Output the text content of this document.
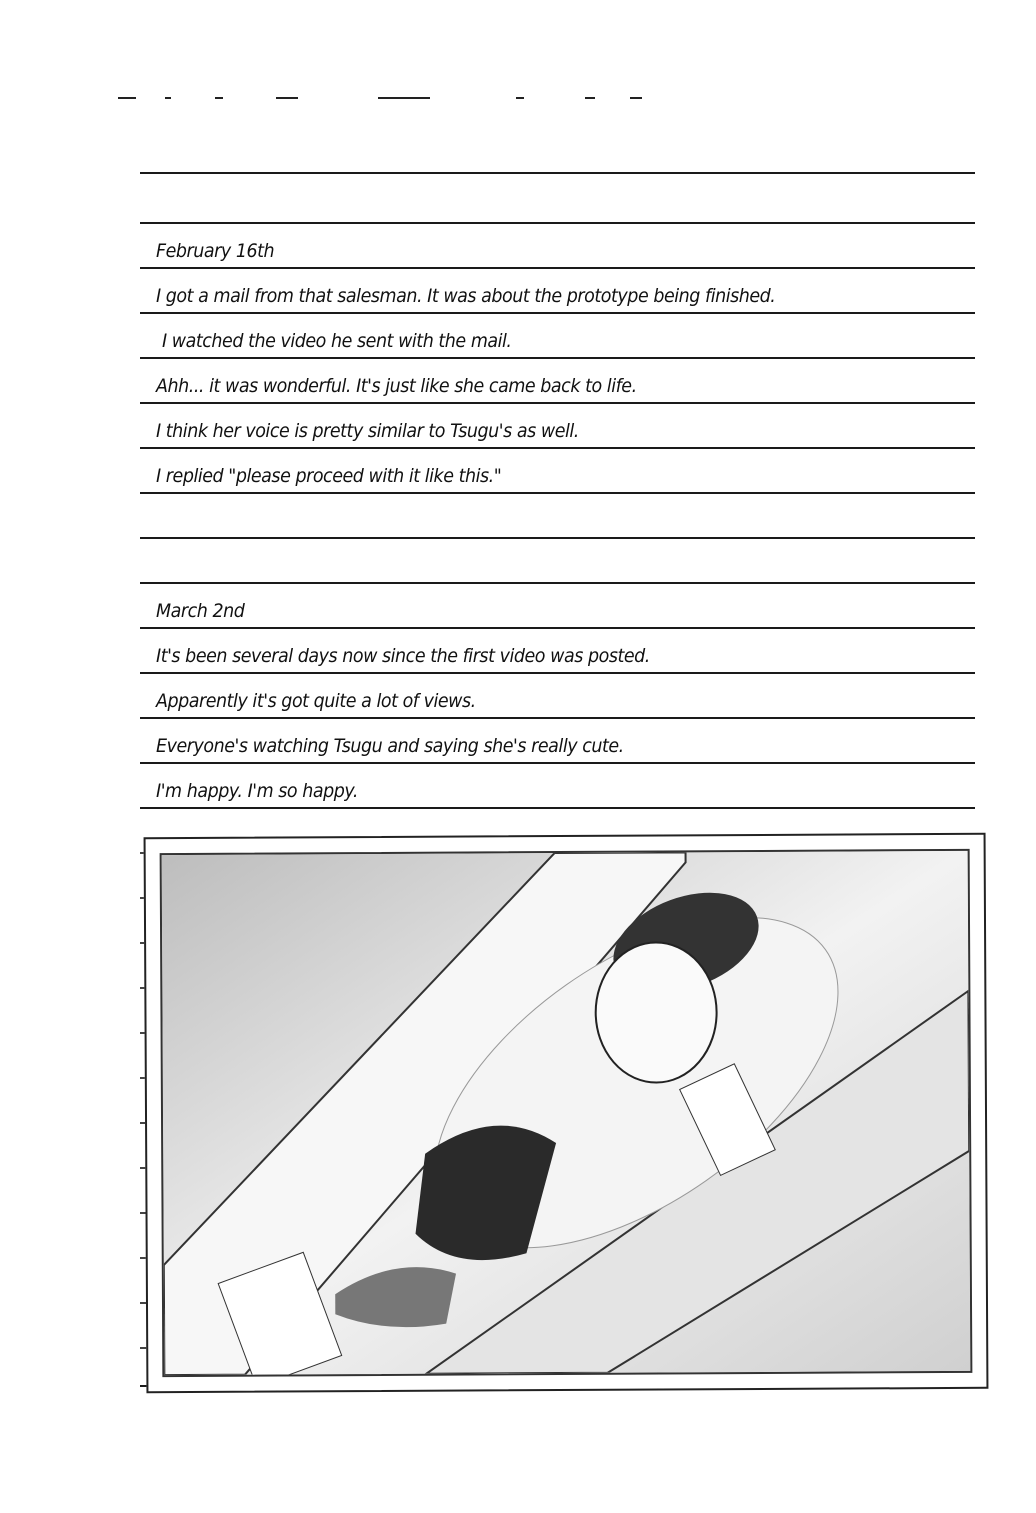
February 16th
I got a mail from that salesman. It was about the prototype being finished.
I watched the video he sent with the mail.
Ahh... it was wonderful. It's just like she came back to life.
I think her voice is pretty similar to Tsugu's as well.
I replied "please proceed with it like this."
March 2nd
It's been several days now since the first video was posted.
Apparently it's got quite a lot of views.
Everyone's watching Tsugu and saying she's really cute.
I'm happy. I'm so happy.
